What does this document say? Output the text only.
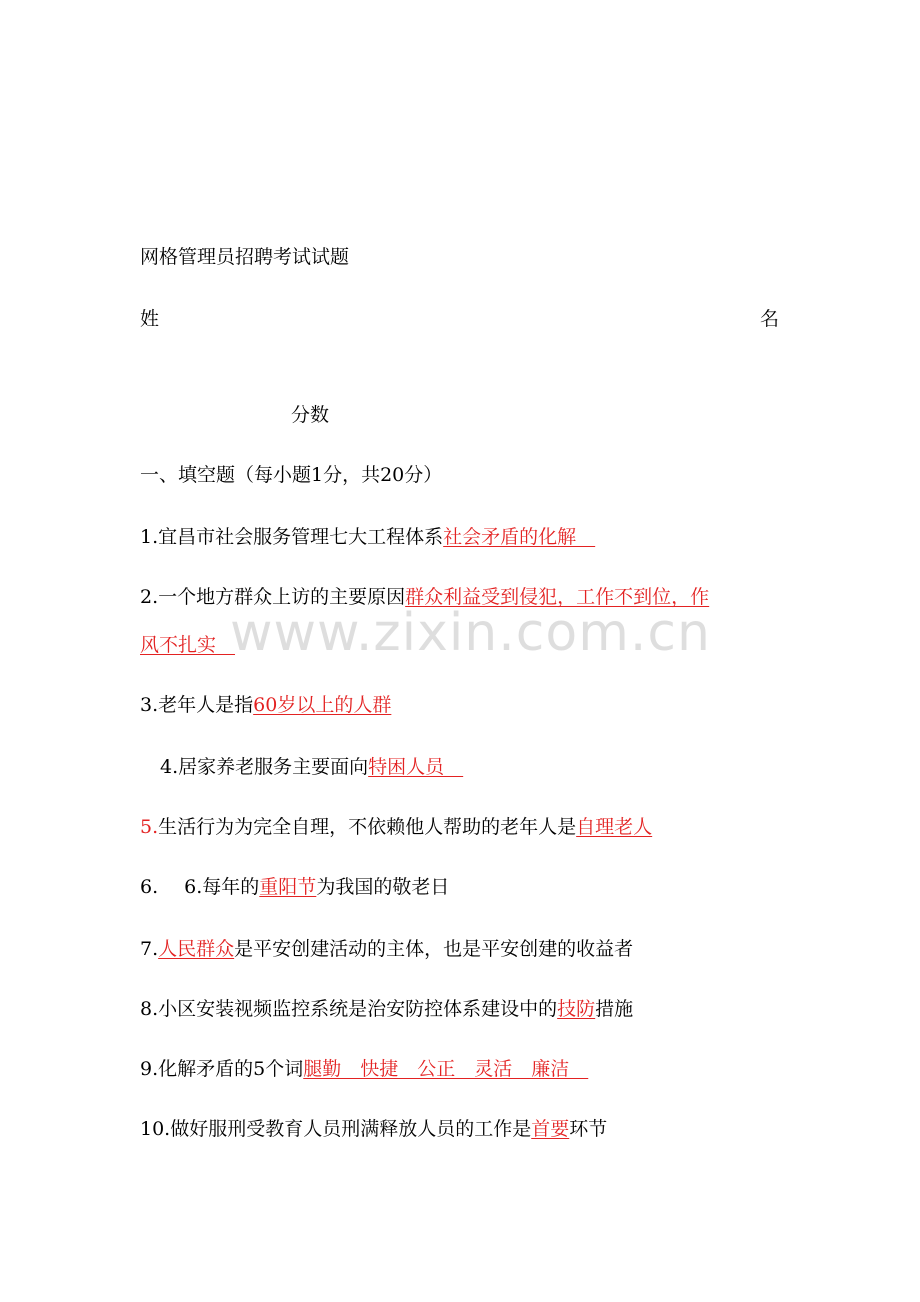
www.zixin.com.cn
网格管理员招聘考试试题
姓	名
分数
一、填空题（每小题1分，共20分）
1.宜昌市社会服务管理七大工程体系社会矛盾的化解　
2.一个地方群众上访的主要原因群众利益受到侵犯，工作不到位，作
风不扎实　
3.老年人是指60岁以上的人群
4.居家养老服务主要面向特困人员　
5.生活行为为完全自理，不依赖他人帮助的老年人是自理老人
6. 6.每年的重阳节为我国的敬老日
7.人民群众是平安创建活动的主体，也是平安创建的收益者
8.小区安装视频监控系统是治安防控体系建设中的技防措施
9.化解矛盾的5个词腿勤　快捷　公正　灵活　廉洁　
10.做好服刑受教育人员刑满释放人员的工作是首要环节
